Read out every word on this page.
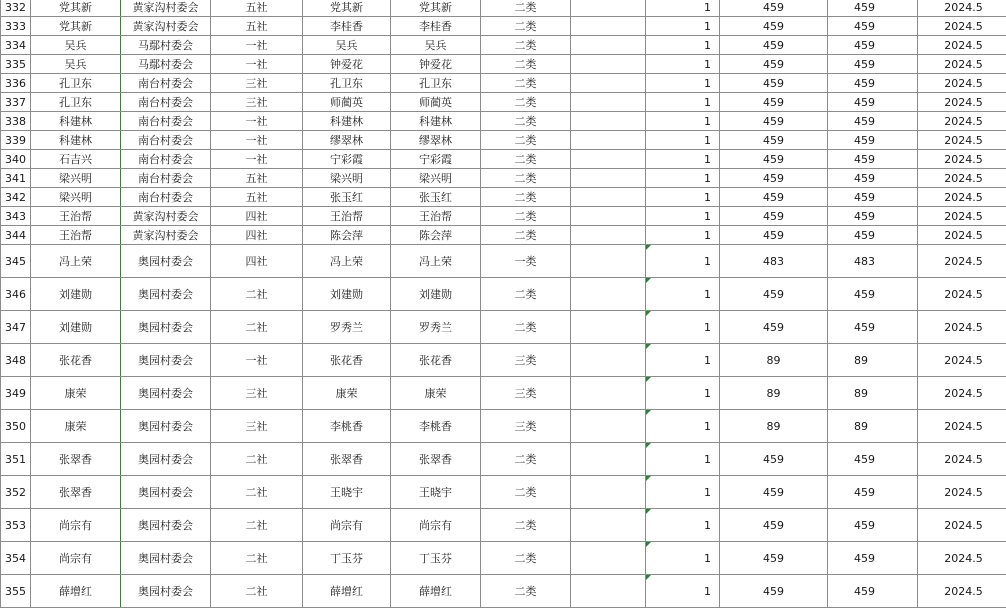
332	党其新	黄家沟村委会	五社	党其新	党其新	二类		1	459	459	2024.5	
333	党其新	黄家沟村委会	五社	李桂香	李桂香	二类		1	459	459	2024.5	
334	吴兵	马鄢村委会	一社	吴兵	吴兵	二类		1	459	459	2024.5	
335	吴兵	马鄢村委会	一社	钟爱花	钟爱花	二类		1	459	459	2024.5	
336	孔卫东	南台村委会	三社	孔卫东	孔卫东	二类		1	459	459	2024.5	
337	孔卫东	南台村委会	三社	师蔺英	师蔺英	二类		1	459	459	2024.5	
338	科建林	南台村委会	一社	科建林	科建林	二类		1	459	459	2024.5	
339	科建林	南台村委会	一社	缪翠林	缪翠林	二类		1	459	459	2024.5	
340	石吉兴	南台村委会	一社	宁彩霞	宁彩霞	二类		1	459	459	2024.5	
341	梁兴明	南台村委会	五社	梁兴明	梁兴明	二类		1	459	459	2024.5	
342	梁兴明	南台村委会	五社	张玉红	张玉红	二类		1	459	459	2024.5	
343	王治帮	黄家沟村委会	四社	王治帮	王治帮	二类		1	459	459	2024.5	
344	王治帮	黄家沟村委会	四社	陈会萍	陈会萍	二类		1	459	459	2024.5	
345	冯上荣	奥园村委会	四社	冯上荣	冯上荣	一类		1	483	483	2024.5	
346	刘建勋	奥园村委会	二社	刘建勋	刘建勋	二类		1	459	459	2024.5	
347	刘建勋	奥园村委会	二社	罗秀兰	罗秀兰	二类		1	459	459	2024.5	
348	张花香	奥园村委会	一社	张花香	张花香	三类		1	89	89	2024.5	
349	康荣	奥园村委会	三社	康荣	康荣	三类		1	89	89	2024.5	
350	康荣	奥园村委会	三社	李桃香	李桃香	三类		1	89	89	2024.5	
351	张翠香	奥园村委会	二社	张翠香	张翠香	二类		1	459	459	2024.5	
352	张翠香	奥园村委会	二社	王晓宇	王晓宇	二类		1	459	459	2024.5	
353	尚宗有	奥园村委会	二社	尚宗有	尚宗有	二类		1	459	459	2024.5	
354	尚宗有	奥园村委会	二社	丁玉芬	丁玉芬	二类		1	459	459	2024.5	
355	薛增红	奥园村委会	二社	薛增红	薛增红	二类		1	459	459	2024.5	
